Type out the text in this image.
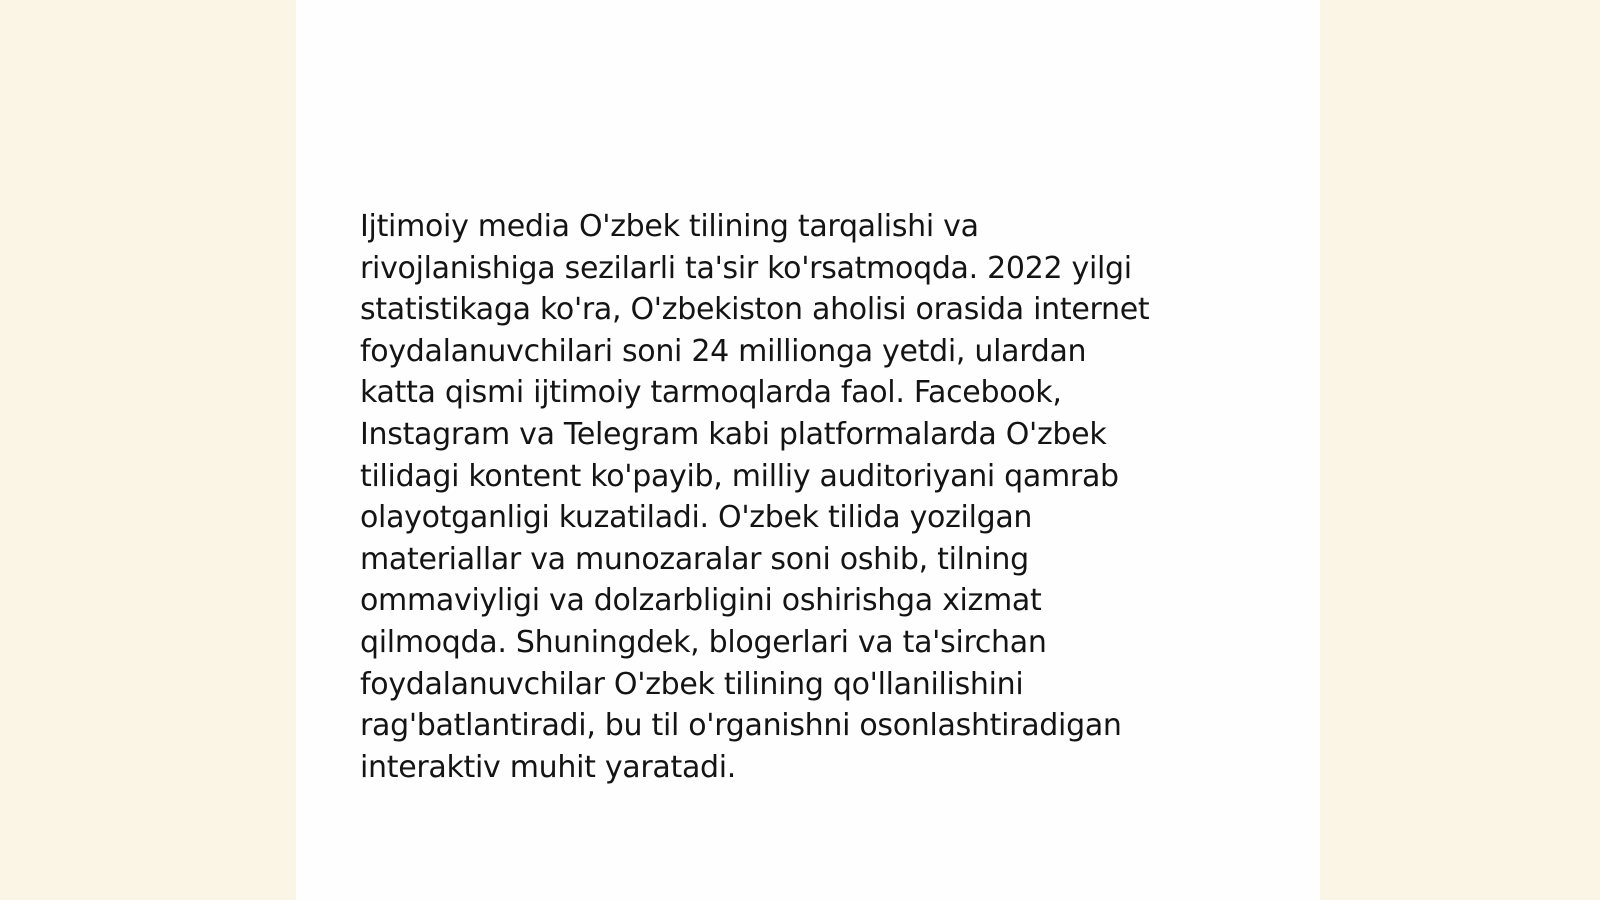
Ijtimoiy media O'zbek tilining tarqalishi va
rivojlanishiga sezilarli ta'sir ko'rsatmoqda. 2022 yilgi
statistikaga ko'ra, O'zbekiston aholisi orasida internet
foydalanuvchilari soni 24 millionga yetdi, ulardan
katta qismi ijtimoiy tarmoqlarda faol. Facebook,
Instagram va Telegram kabi platformalarda O'zbek
tilidagi kontent ko'payib, milliy auditoriyani qamrab
olayotganligi kuzatiladi. O'zbek tilida yozilgan
materiallar va munozaralar soni oshib, tilning
ommaviyligi va dolzarbligini oshirishga xizmat
qilmoqda. Shuningdek, blogerlari va ta'sirchan
foydalanuvchilar O'zbek tilining qo'llanilishini
rag'batlantiradi, bu til o'rganishni osonlashtiradigan
interaktiv muhit yaratadi.
